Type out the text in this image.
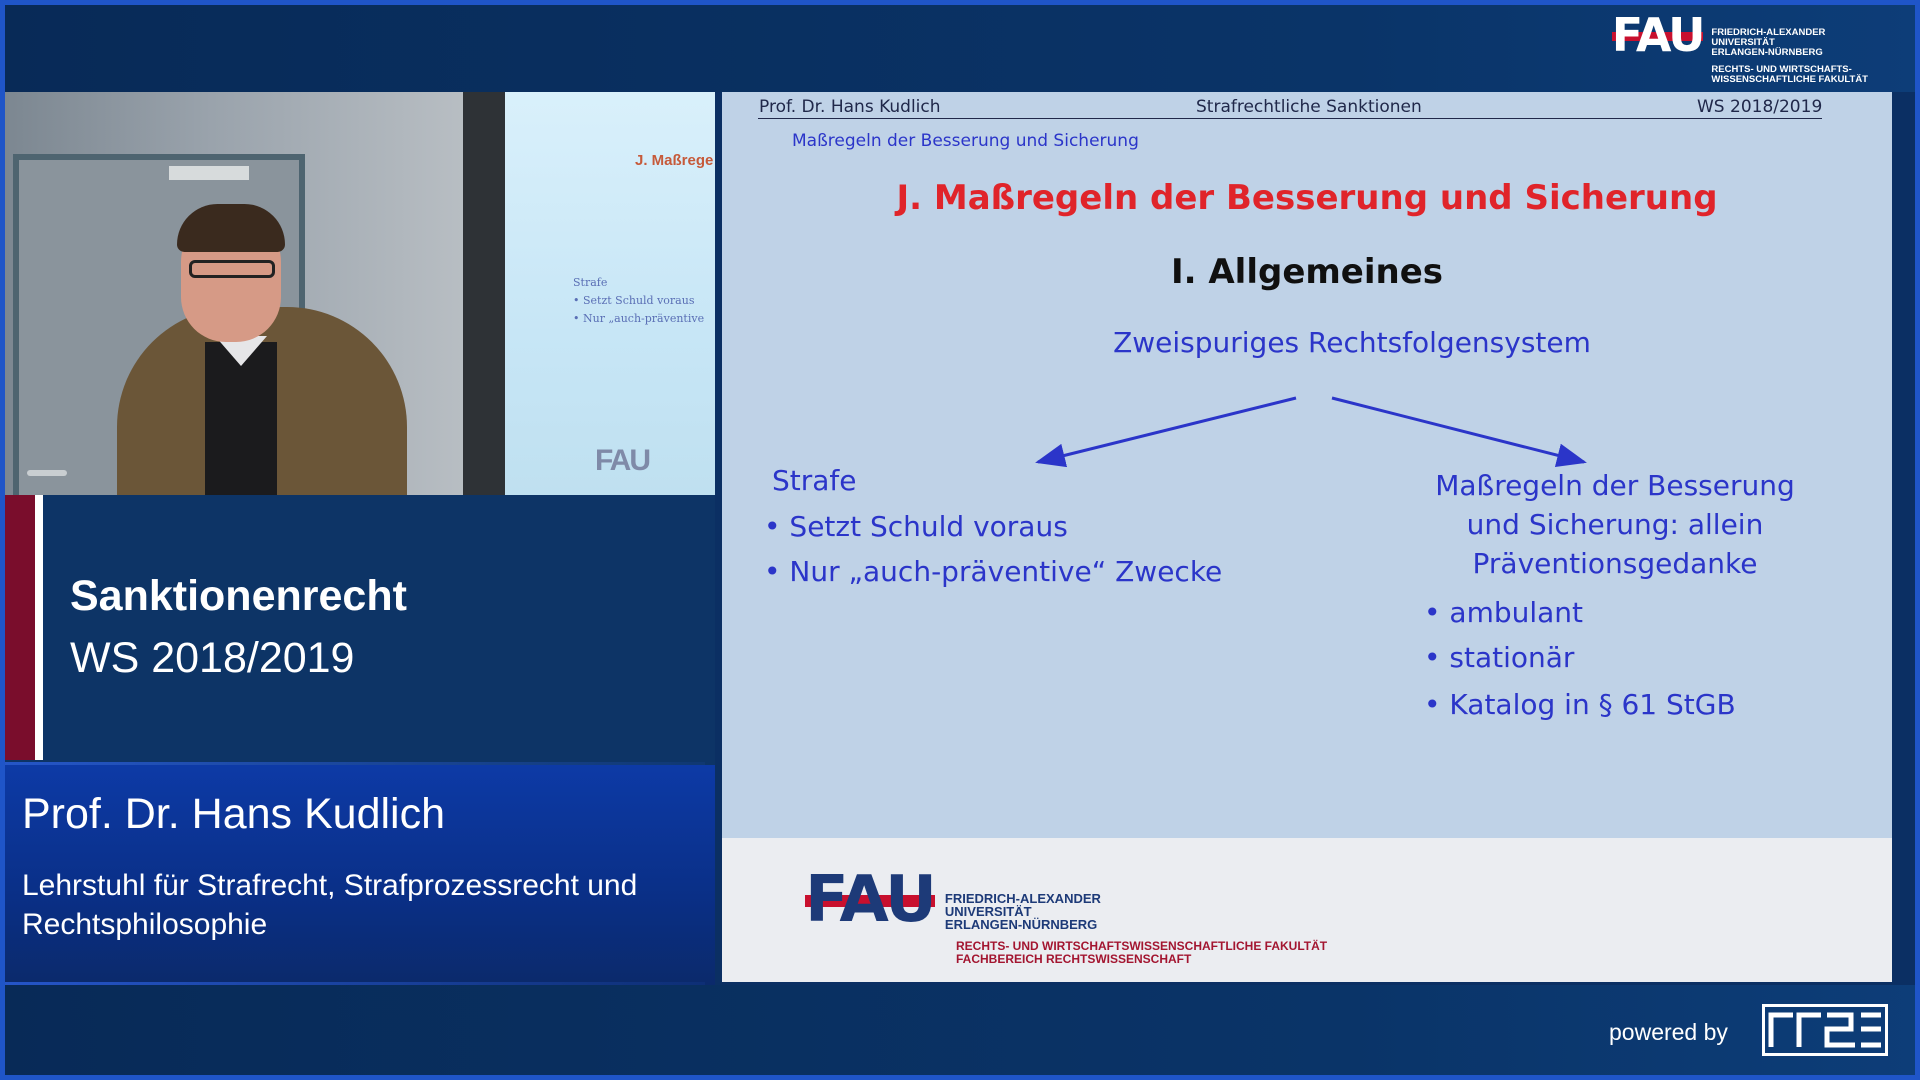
FAU FRIEDRICH-ALEXANDER
UNIVERSITÄT
ERLANGEN-NÜRNBERG
RECHTS- UND WIRTSCHAFTS-
WISSENSCHAFTLICHE FAKULTÄT
J. Maßrege
Strafe
• Setzt Schuld voraus
• Nur „auch-präventive
FAU
Sanktionenrecht
WS 2018/2019
Prof. Dr. Hans Kudlich
Lehrstuhl für Strafrecht, Strafprozessrecht und Rechtsphilosophie
Prof. Dr. Hans Kudlich	Strafrechtliche Sanktionen	WS 2018/2019
Maßregeln der Besserung und Sicherung
J. Maßregeln der Besserung und Sicherung
I. Allgemeines
Zweispuriges Rechtsfolgensystem
Strafe
• Setzt Schuld voraus
• Nur „auch-präventive“ Zwecke
Maßregeln der Besserung
und Sicherung: allein
Präventionsgedanke
• ambulant
• stationär
• Katalog in § 61 StGB
FAU FRIEDRICH-ALEXANDER
UNIVERSITÄT
ERLANGEN-NÜRNBERG
RECHTS- UND WIRTSCHAFTSWISSENSCHAFTLICHE FAKULTÄT
FACHBEREICH RECHTSWISSENSCHAFT
powered by
